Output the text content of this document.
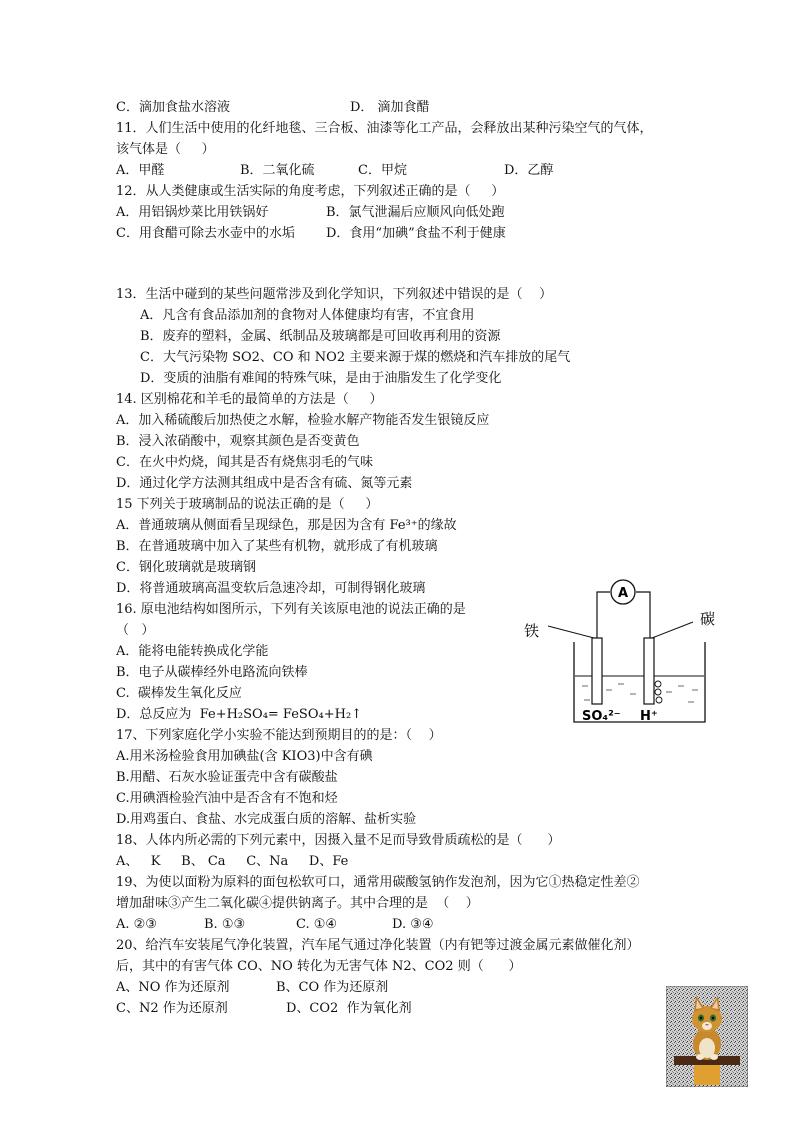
C．滴加食盐水溶液	D． 滴加食醋
11．人们生活中使用的化纤地毯、三合板、油漆等化工产品，会释放出某种污染空气的气体，
该气体是（     ）
A．甲醛	B．二氧化硫	C．甲烷	D．乙醇
12．从人类健康或生活实际的角度考虑，下列叙述正确的是（     ）
A．用铝锅炒菜比用铁锅好	B．氯气泄漏后应顺风向低处跑
C．用食醋可除去水壶中的水垢 D．食用“加碘”食盐不利于健康
13．生活中碰到的某些问题常涉及到化学知识，下列叙述中错误的是（    ）
A．凡含有食品添加剂的食物对人体健康均有害，不宜食用
B．废弃的塑料，金属、纸制品及玻璃都是可回收再利用的资源
C．大气污染物 SO2、CO 和 NO2 主要来源于煤的燃烧和汽车排放的尾气
D．变质的油脂有难闻的特殊气味，是由于油脂发生了化学变化
14. 区别棉花和羊毛的最简单的方法是（     ）
A．加入稀硫酸后加热使之水解，检验水解产物能否发生银镜反应
B．浸入浓硝酸中，观察其颜色是否变黄色
C．在火中灼烧，闻其是否有烧焦羽毛的气味
D．通过化学方法测其组成中是否含有硫、氮等元素
15 下列关于玻璃制品的说法正确的是（     ）
A．普通玻璃从侧面看呈现绿色，那是因为含有 Fe³⁺的缘故
B．在普通玻璃中加入了某些有机物，就形成了有机玻璃
C．钢化玻璃就是玻璃钢
D．将普通玻璃高温变软后急速冷却，可制得钢化玻璃
16. 原电池结构如图所示，下列有关该原电池的说法正确的是
（   ）
A．能将电能转换成化学能
B．电子从碳棒经外电路流向铁棒
C.  碳棒发生氧化反应
D．总反应为  Fe+H₂SO₄= FeSO₄+H₂↑
17、下列家庭化学小实验不能达到预期目的的是：（    ）
A.用米汤检验食用加碘盐(含 KIO3)中含有碘
B.用醋、石灰水验证蛋壳中含有碳酸盐
C.用碘酒检验汽油中是否含有不饱和烃
D.用鸡蛋白、食盐、水完成蛋白质的溶解、盐析实验
18、人体内所必需的下列元素中，因摄入量不足而导致骨质疏松的是（      ）
A、   K     B、 Ca     C、Na     D、Fe
19、为使以面粉为原料的面包松软可口，通常用碳酸氢钠作发泡剂，因为它①热稳定性差②
增加甜味③产生二氧化碳④提供钠离子。其中合理的是  （    ）
A. ②③	B. ①③	C. ①④	D. ③④
20、给汽车安装尾气净化装置，汽车尾气通过净化装置（内有钯等过渡金属元素做催化剂）
后，其中的有害气体 CO、NO 转化为无害气体 N2、CO2 则（      ）
A、NO 作为还原剂	B、CO 作为还原剂
C、N2 作为还原剂	D、CO2  作为氧化剂
A
铁
碳
SO₄²⁻ H⁺
